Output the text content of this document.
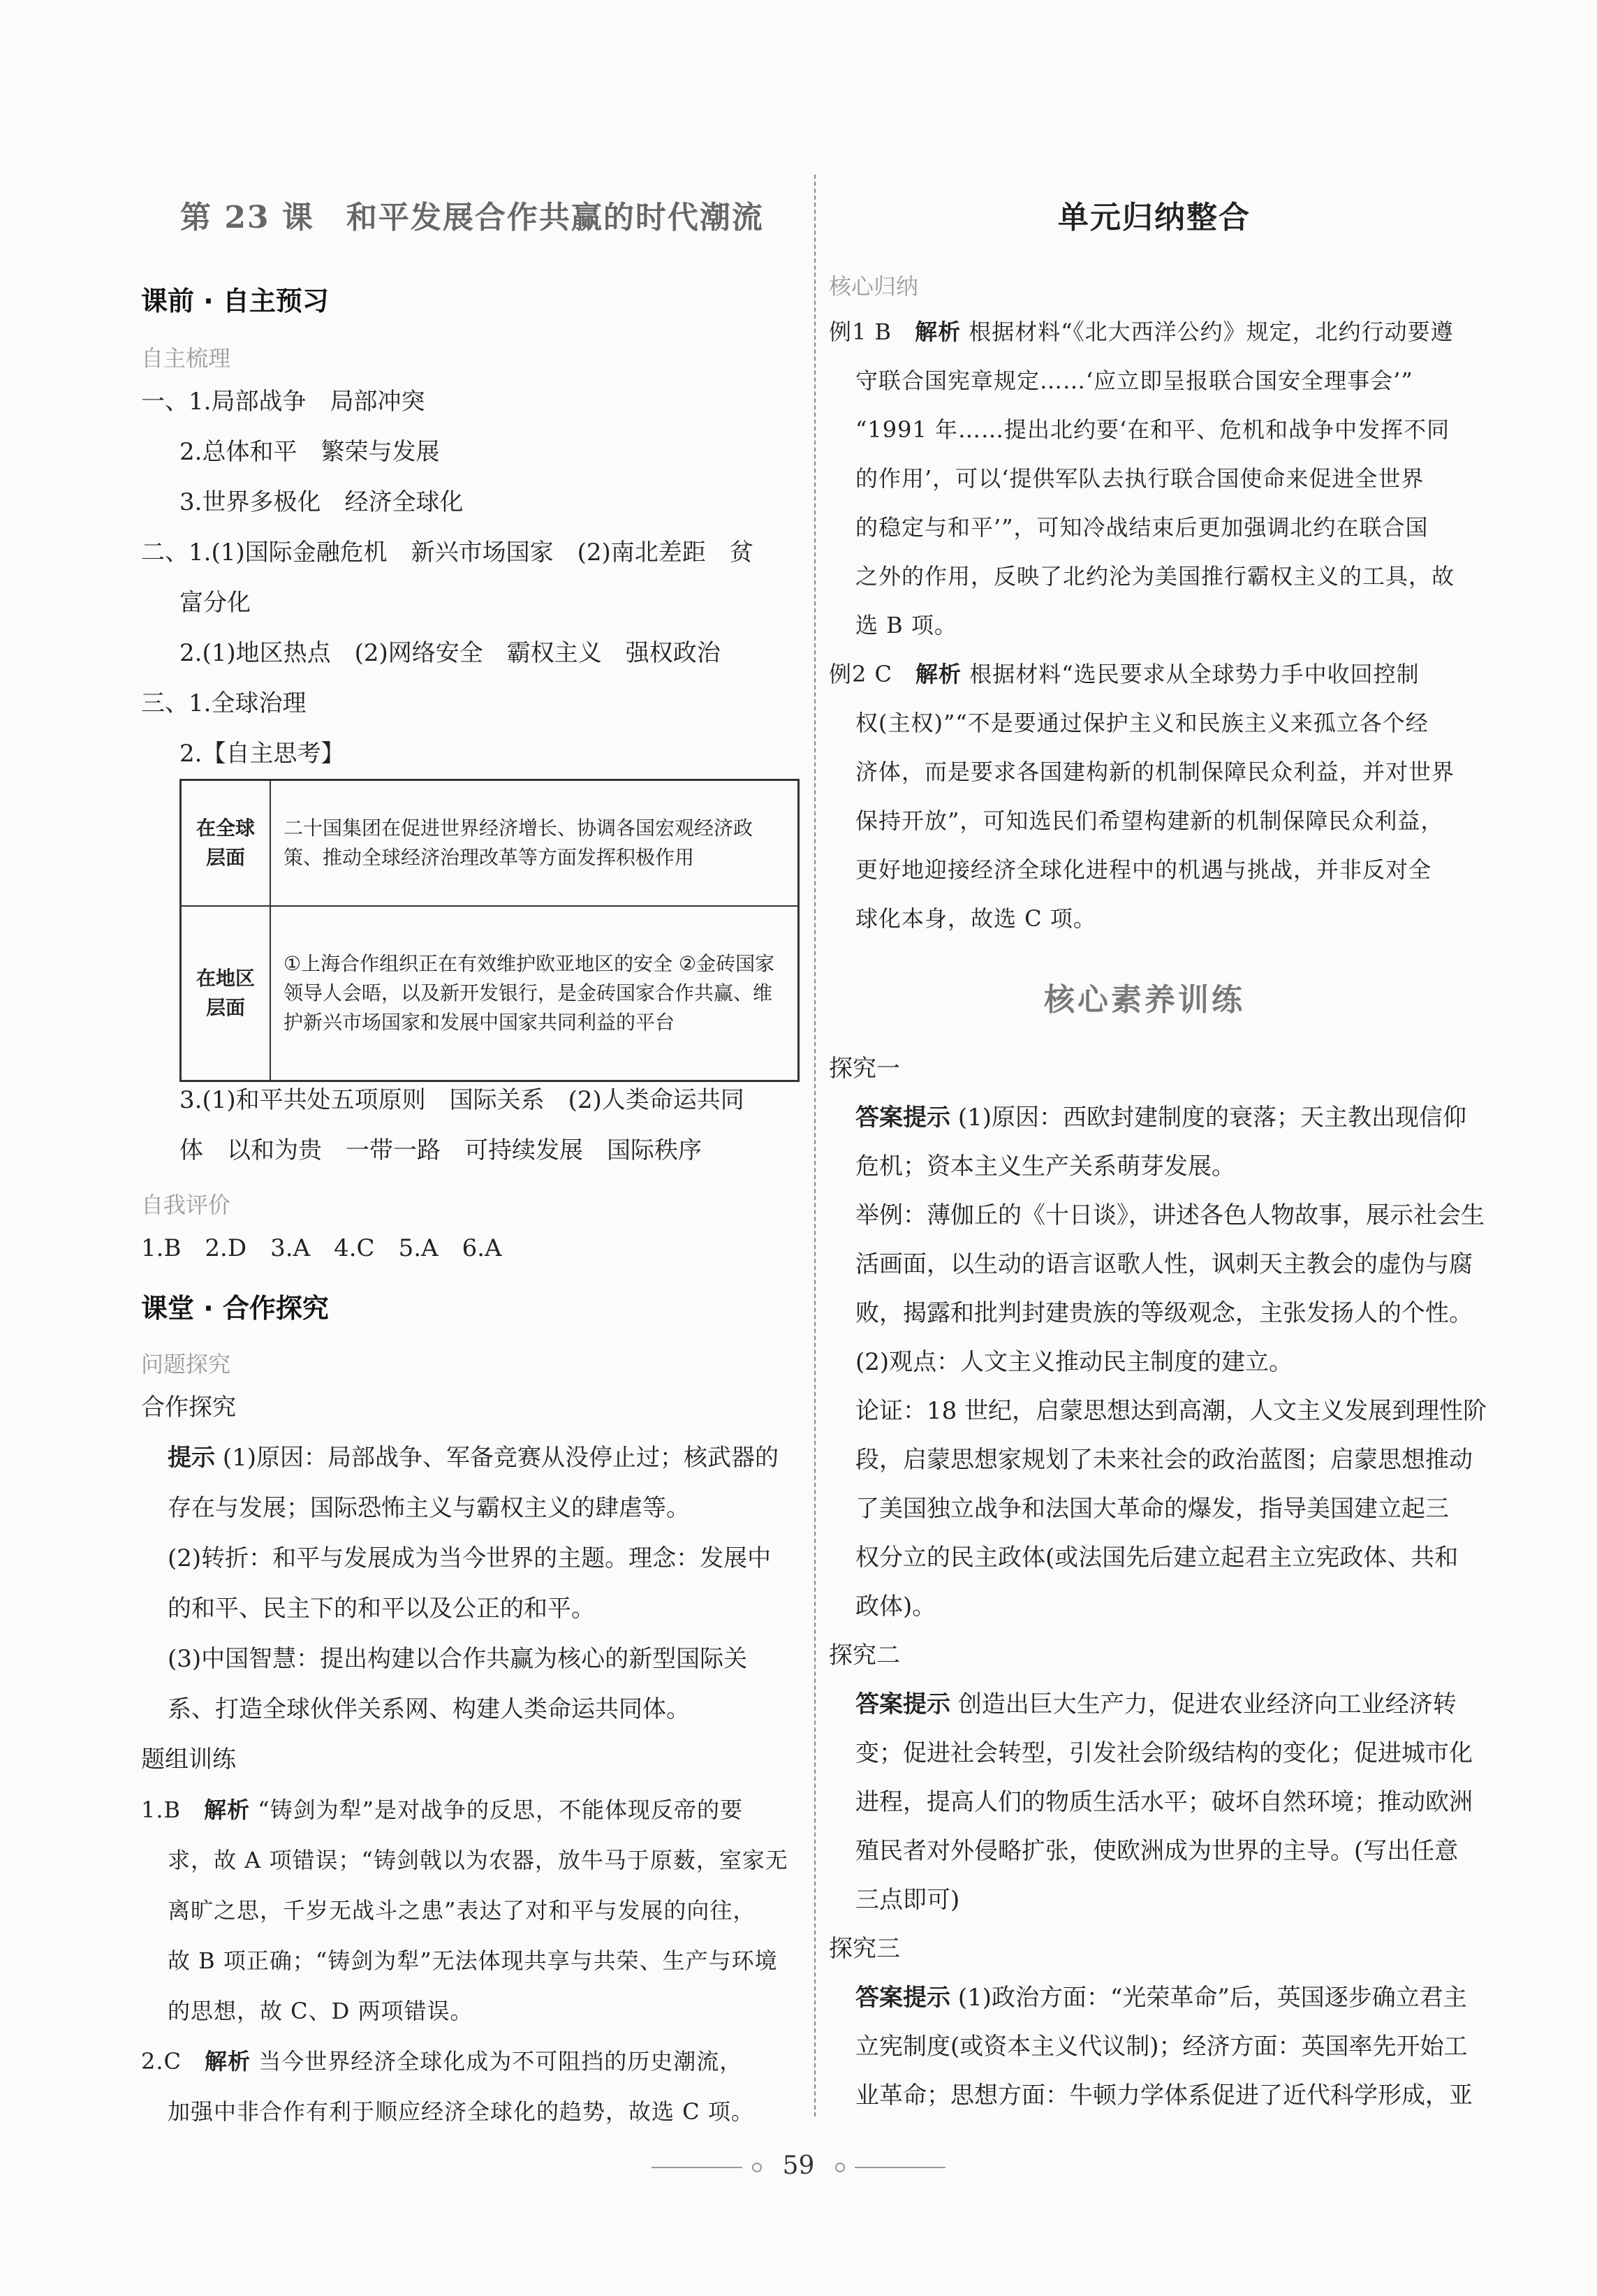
第 23 课　和平发展合作共赢的时代潮流
课前 · 自主预习
自主梳理
一、1.局部战争　局部冲突
2.总体和平　繁荣与发展
3.世界多极化　经济全球化
二、1.(1)国际金融危机　新兴市场国家　(2)南北差距　贫
富分化
2.(1)地区热点　(2)网络安全　霸权主义　强权政治
三、1.全球治理
2.【自主思考】
在全球层面	二十国集团在促进世界经济增长、协调各国宏观经济政策、推动全球经济治理改革等方面发挥积极作用
在地区层面	①上海合作组织正在有效维护欧亚地区的安全 ②金砖国家领导人会晤，以及新开发银行，是金砖国家合作共赢、维护新兴市场国家和发展中国家共同利益的平台
3.(1)和平共处五项原则　国际关系　(2)人类命运共同
体　以和为贵　一带一路　可持续发展　国际秩序
自我评价
1.B　2.D　3.A　4.C　5.A　6.A
课堂 · 合作探究
问题探究
合作探究
提示 (1)原因：局部战争、军备竞赛从没停止过；核武器的
存在与发展；国际恐怖主义与霸权主义的肆虐等。
(2)转折：和平与发展成为当今世界的主题。理念：发展中
的和平、民主下的和平以及公正的和平。
(3)中国智慧：提出构建以合作共赢为核心的新型国际关
系、打造全球伙伴关系网、构建人类命运共同体。
题组训练
1.B　 解析 “铸剑为犁”是对战争的反思，不能体现反帝的要
求，故 A 项错误；“铸剑戟以为农器，放牛马于原薮，室家无
离旷之思，千岁无战斗之患”表达了对和平与发展的向往，
故 B 项正确；“铸剑为犁”无法体现共享与共荣、生产与环境
的思想，故 C、D 两项错误。
2.C　 解析 当今世界经济全球化成为不可阻挡的历史潮流，
加强中非合作有利于顺应经济全球化的趋势，故选 C 项。
单元归纳整合
核心归纳
例1 B　 解析 根据材料“《北大西洋公约》规定，北约行动要遵
守联合国宪章规定……‘应立即呈报联合国安全理事会’”
“1991 年……提出北约要‘在和平、危机和战争中发挥不同
的作用’，可以‘提供军队去执行联合国使命来促进全世界
的稳定与和平’”，可知冷战结束后更加强调北约在联合国
之外的作用，反映了北约沦为美国推行霸权主义的工具，故
选 B 项。
例2 C　 解析 根据材料“选民要求从全球势力手中收回控制
权(主权)”“不是要通过保护主义和民族主义来孤立各个经
济体，而是要求各国建构新的机制保障民众利益，并对世界
保持开放”，可知选民们希望构建新的机制保障民众利益，
更好地迎接经济全球化进程中的机遇与挑战，并非反对全
球化本身，故选 C 项。
核心素养训练
探究一
答案提示 (1)原因：西欧封建制度的衰落；天主教出现信仰
危机；资本主义生产关系萌芽发展。
举例：薄伽丘的《十日谈》，讲述各色人物故事，展示社会生
活画面，以生动的语言讴歌人性，讽刺天主教会的虚伪与腐
败，揭露和批判封建贵族的等级观念，主张发扬人的个性。
(2)观点：人文主义推动民主制度的建立。
论证：18 世纪，启蒙思想达到高潮，人文主义发展到理性阶
段，启蒙思想家规划了未来社会的政治蓝图；启蒙思想推动
了美国独立战争和法国大革命的爆发，指导美国建立起三
权分立的民主政体(或法国先后建立起君主立宪政体、共和
政体)。
探究二
答案提示 创造出巨大生产力，促进农业经济向工业经济转
变；促进社会转型，引发社会阶级结构的变化；促进城市化
进程，提高人们的物质生活水平；破坏自然环境；推动欧洲
殖民者对外侵略扩张，使欧洲成为世界的主导。(写出任意
三点即可)
探究三
答案提示 (1)政治方面：“光荣革命”后，英国逐步确立君主
立宪制度(或资本主义代议制)；经济方面：英国率先开始工
业革命；思想方面：牛顿力学体系促进了近代科学形成，亚
59
